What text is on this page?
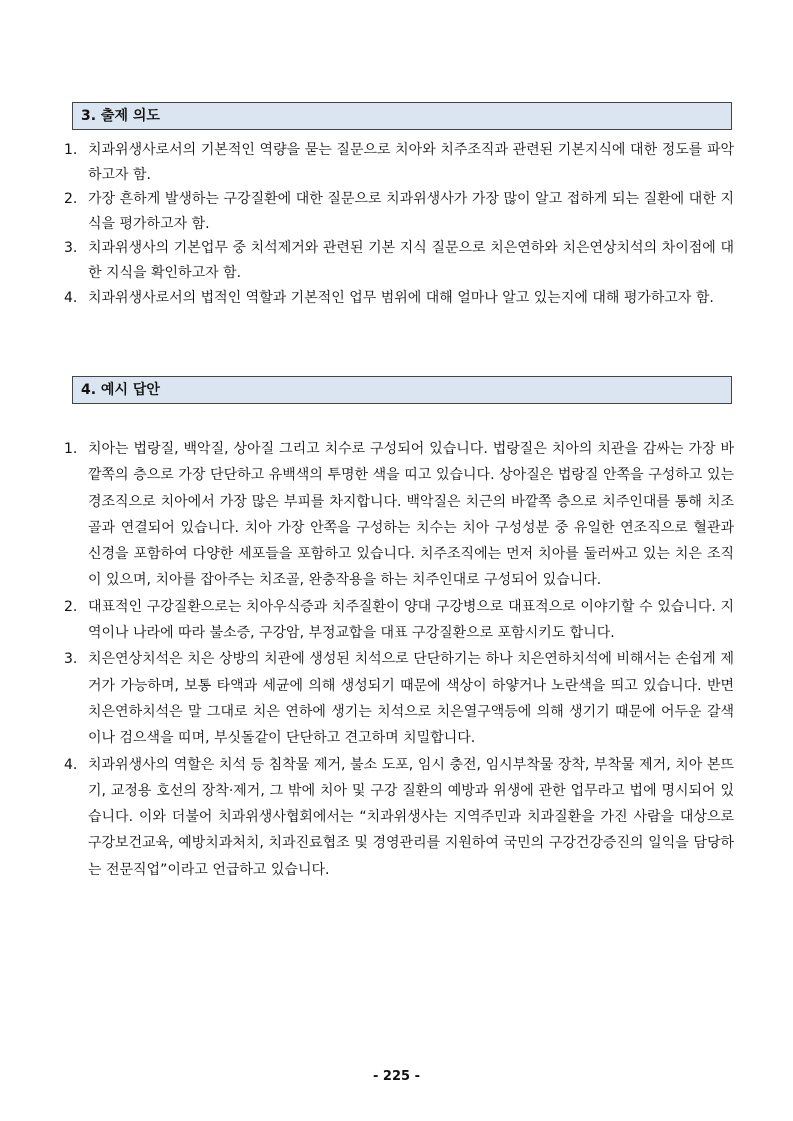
3. 출제 의도
1. 치과위생사로서의 기본적인 역량을 묻는 질문으로 치아와 치주조직과 관련된 기본지식에 대한 정도를 파악하고자 함.
2. 가장 흔하게 발생하는 구강질환에 대한 질문으로 치과위생사가 가장 많이 알고 접하게 되는 질환에 대한 지식을 평가하고자 함.
3. 치과위생사의 기본업무 중 치석제거와 관련된 기본 지식 질문으로 치은연하와 치은연상치석의 차이점에 대한 지식을 확인하고자 함.
4. 치과위생사로서의 법적인 역할과 기본적인 업무 범위에 대해 얼마나 알고 있는지에 대해 평가하고자 함.
4. 예시 답안
1. 치아는 법랑질, 백악질, 상아질 그리고 치수로 구성되어 있습니다. 법랑질은 치아의 치관을 감싸는 가장 바깥쪽의 층으로 가장 단단하고 유백색의 투명한 색을 띠고 있습니다. 상아질은 법랑질 안쪽을 구성하고 있는 경조직으로 치아에서 가장 많은 부피를 차지합니다. 백악질은 치근의 바깥쪽 층으로 치주인대를 통해 치조골과 연결되어 있습니다. 치아 가장 안쪽을 구성하는 치수는 치아 구성성분 중 유일한 연조직으로 혈관과 신경을 포함하여 다양한 세포들을 포함하고 있습니다. 치주조직에는 먼저 치아를 둘러싸고 있는 치은 조직이 있으며, 치아를 잡아주는 치조골, 완충작용을 하는 치주인대로 구성되어 있습니다.
2. 대표적인 구강질환으로는 치아우식증과 치주질환이 양대 구강병으로 대표적으로 이야기할 수 있습니다. 지역이나 나라에 따라 불소증, 구강암, 부정교합을 대표 구강질환으로 포함시키도 합니다.
3. 치은연상치석은 치은 상방의 치관에 생성된 치석으로 단단하기는 하나 치은연하치석에 비해서는 손쉽게 제거가 가능하며, 보통 타액과 세균에 의해 생성되기 때문에 색상이 하얗거나 노란색을 띄고 있습니다. 반면 치은연하치석은 말 그대로 치은 연하에 생기는 치석으로 치은열구액등에 의해 생기기 때문에 어두운 갈색이나 검으색을 띠며, 부싯돌같이 단단하고 견고하며 치밀합니다.
4. 치과위생사의 역할은 치석 등 침착물 제거, 불소 도포, 임시 충전, 임시부착물 장착, 부착물 제거, 치아 본뜨기, 교정용 호선의 장착·제거, 그 밖에 치아 및 구강 질환의 예방과 위생에 관한 업무라고 법에 명시되어 있습니다. 이와 더불어 치과위생사협회에서는 “치과위생사는 지역주민과 치과질환을 가진 사람을 대상으로 구강보건교육, 예방치과처치, 치과진료협조 및 경영관리를 지원하여 국민의 구강건강증진의 일익을 담당하는 전문직업”이라고 언급하고 있습니다.
- 225 -
